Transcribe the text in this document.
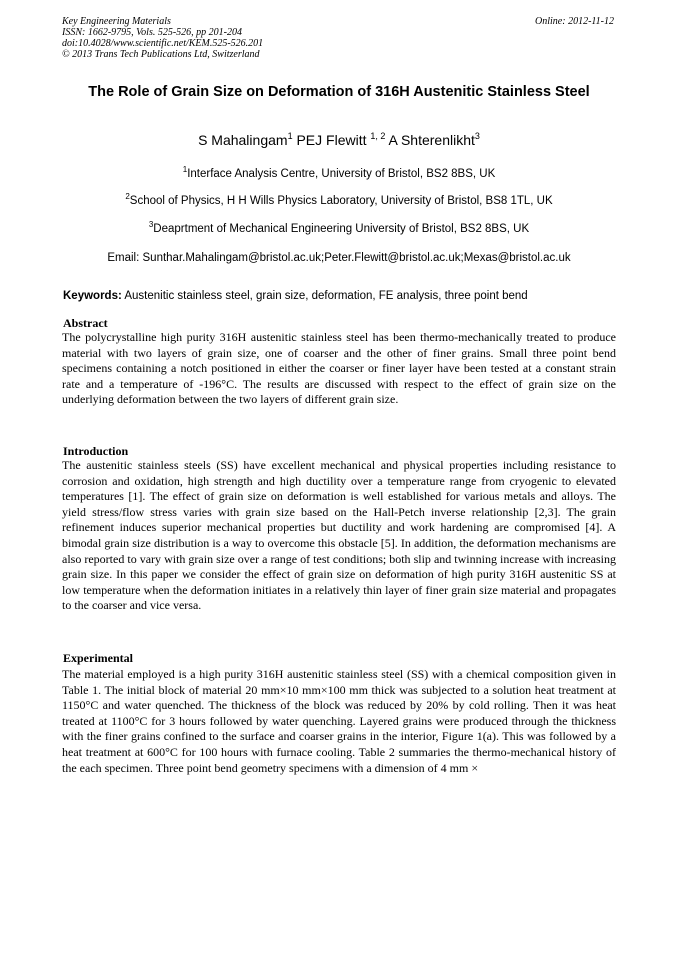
Key Engineering Materials
ISSN: 1662-9795, Vols. 525-526, pp 201-204
doi:10.4028/www.scientific.net/KEM.525-526.201
© 2013 Trans Tech Publications Ltd, Switzerland
Online: 2012-11-12
The Role of Grain Size on Deformation of 316H Austenitic Stainless Steel
S Mahalingam$^1$ PEJ Flewitt $^{1, 2}$ A Shterenlikht$^3$
$^1$Interface Analysis Centre, University of Bristol, BS2 8BS, UK
$^2$School of Physics, H H Wills Physics Laboratory, University of Bristol, BS8 1TL, UK
$^3$Deaprtment of Mechanical Engineering University of Bristol, BS2 8BS, UK
Email: Sunthar.Mahalingam@bristol.ac.uk;Peter.Flewitt@bristol.ac.uk;Mexas@bristol.ac.uk
Keywords: Austenitic stainless steel, grain size, deformation, FE analysis, three point bend
Abstract
The polycrystalline high purity 316H austenitic stainless steel has been thermo-mechanically treated to produce material with two layers of grain size, one of coarser and the other of finer grains. Small three point bend specimens containing a notch positioned in either the coarser or finer layer have been tested at a constant strain rate and a temperature of -196°C. The results are discussed with respect to the effect of grain size on the underlying deformation between the two layers of different grain size.
Introduction
The austenitic stainless steels (SS) have excellent mechanical and physical properties including resistance to corrosion and oxidation, high strength and high ductility over a temperature range from cryogenic to elevated temperatures [1]. The effect of grain size on deformation is well established for various metals and alloys. The yield stress/flow stress varies with grain size based on the Hall-Petch inverse relationship [2,3]. The grain refinement induces superior mechanical properties but ductility and work hardening are compromised [4]. A bimodal grain size distribution is a way to overcome this obstacle [5]. In addition, the deformation mechanisms are also reported to vary with grain size over a range of test conditions; both slip and twinning increase with increasing grain size. In this paper we consider the effect of grain size on deformation of high purity 316H austenitic SS at low temperature when the deformation initiates in a relatively thin layer of finer grain size material and propagates to the coarser and vice versa.
Experimental
The material employed is a high purity 316H austenitic stainless steel (SS) with a chemical composition given in Table 1. The initial block of material 20 mm×10 mm×100 mm thick was subjected to a solution heat treatment at 1150°C and water quenched. The thickness of the block was reduced by 20% by cold rolling. Then it was heat treated at 1100°C for 3 hours followed by water quenching. Layered grains were produced through the thickness with the finer grains confined to the surface and coarser grains in the interior, Figure 1(a). This was followed by a heat treatment at 600°C for 100 hours with furnace cooling. Table 2 summaries the thermo-mechanical history of the each specimen. Three point bend geometry specimens with a dimension of 4 mm ×
